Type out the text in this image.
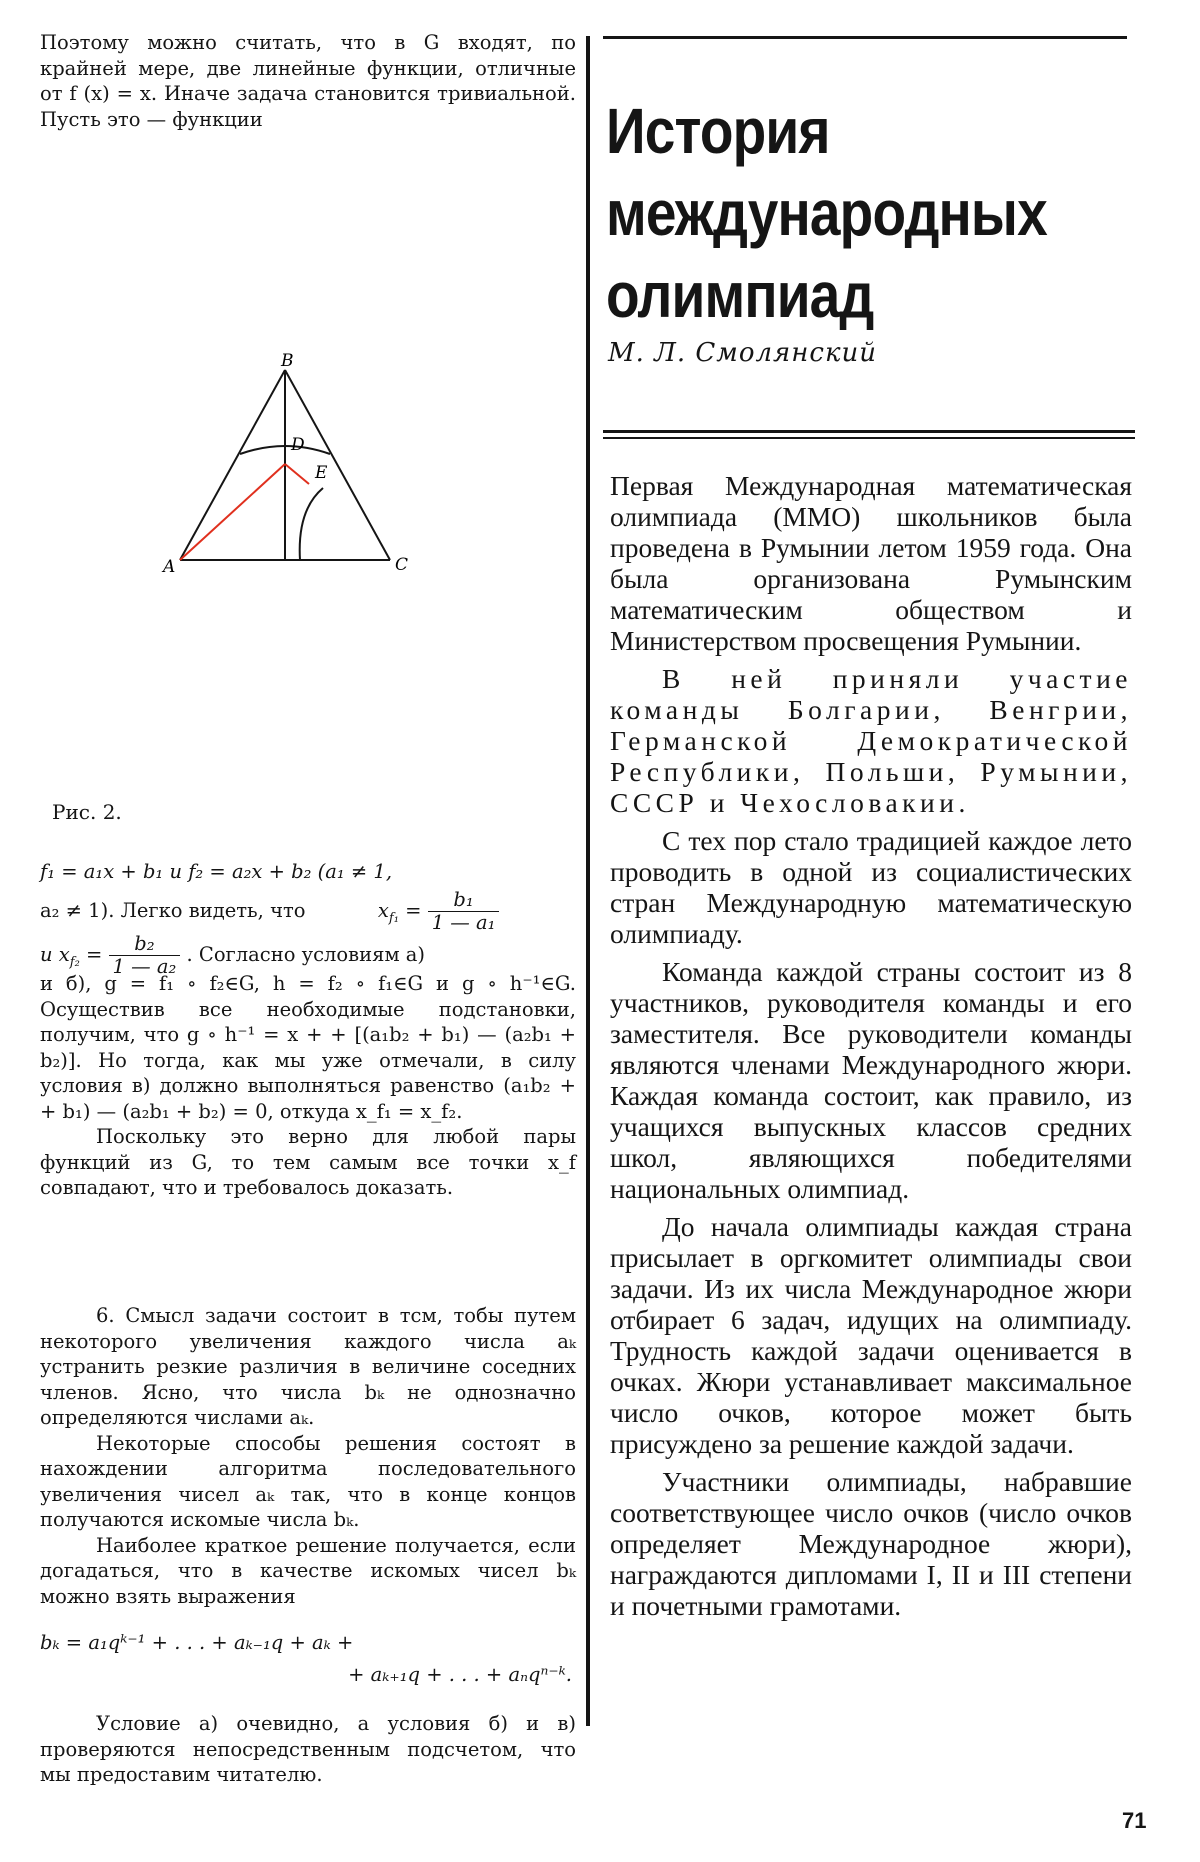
Поэтому можно считать, что в G входят, по крайней мере, две линейные функции, отличные от f (x) = x. Иначе задача становится тривиальной. Пусть это — функции

B
A	C
D
E
Рис. 2.
f₁ = a₁x + b₁ и f₂ = a₂x + b₂ (a₁ ≠ 1,
a₂ ≠ 1). Легко видеть, что	$x_{f_1} = \frac{\text{b₁}}{\text{1 — a₁}}$
и $x_{f_2} = \frac{\text{b₂}}{\text{1 — a₂}}$ . Согласно условиям а)

и б), g = f₁ ∘ f₂∈G, h = f₂ ∘ f₁∈G и g ∘ h⁻¹∈G. Осуществив все необходимые подстановки, получим, что g ∘ h⁻¹ = x + + [(a₁b₂ + b₁) — (a₂b₁ + b₂)]. Но тогда, как мы уже отмечали, в силу условия в) должно выполняться равенство (a₁b₂ + + b₁) — (a₂b₁ + b₂) = 0, откуда x_f₁ = x_f₂.

Поскольку это верно для любой пары функций из G, то тем самым все точки x_f совпадают, что и требовалось доказать.

6. Смысл задачи состоит в тсм, тобы путем некоторого увеличения каждого числа aₖ устранить резкие различия в величине соседних членов. Ясно, что числа bₖ не однозначно определяются числами aₖ.

Некоторые способы решения состоят в нахождении алгоритма последовательного увеличения чисел aₖ так, что в конце концов получаются искомые числа bₖ.

Наиболее краткое решение получается, если догадаться, что в качестве искомых чисел bₖ можно взять выражения

bₖ = a₁qᵏ⁻¹ + . . . + aₖ₋₁q + aₖ +
+ aₖ₊₁q + . . . + aₙqⁿ⁻ᵏ.

Условие а) очевидно, а условия б) и в) проверяются непосредственным подсчетом, что мы предоставим читателю.

История
международных
олимпиад
М. Л. Смолянский

Первая Международная математическая олимпиада (ММО) школьников была проведена в Румынии летом 1959 года. Она была организована Румынским математическим обществом и Министерством просвещения Румынии.

В ней приняли участие команды Болгарии, Венгрии, Германской Демократической Республики, Польши, Румынии, СССР и Чехословакии.

С тех пор стало традицией каждое лето проводить в одной из социалистических стран Международную математическую олимпиаду.

Команда каждой страны состоит из 8 участников, руководителя команды и его заместителя. Все руководители команды являются членами Международного жюри. Каждая команда состоит, как правило, из учащихся выпускных классов средних школ, являющихся победителями национальных олимпиад.

До начала олимпиады каждая страна присылает в оргкомитет олимпиады свои задачи. Из их числа Международное жюри отбирает 6 задач, идущих на олимпиаду. Трудность каждой задачи оценивается в очках. Жюри устанавливает максимальное число очков, которое может быть присуждено за решение каждой задачи.

Участники олимпиады, набравшие соответствующее число очков (число очков определяет Международное жюри), награждаются дипломами I, II и III степени и почетными грамотами.

71
